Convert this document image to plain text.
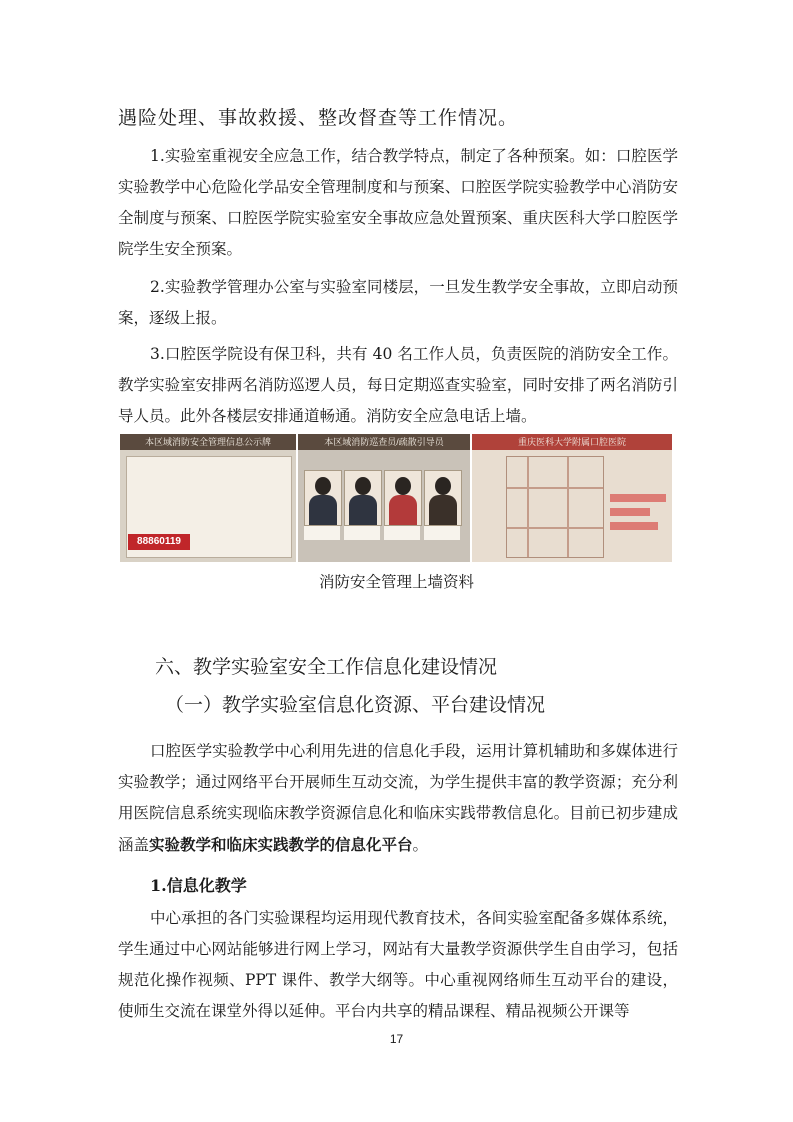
遇险处理、事故救援、整改督查等工作情况。

1.实验室重视安全应急工作，结合教学特点，制定了各种预案。如：口腔医学实验教学中心危险化学品安全管理制度和与预案、口腔医学院实验教学中心消防安全制度与预案、口腔医学院实验室安全事故应急处置预案、重庆医科大学口腔医学院学生安全预案。

2.实验教学管理办公室与实验室同楼层，一旦发生教学安全事故，立即启动预案，逐级上报。

3.口腔医学院设有保卫科，共有 40 名工作人员，负责医院的消防安全工作。教学实验室安排两名消防巡逻人员，每日定期巡查实验室，同时安排了两名消防引导人员。此外各楼层安排通道畅通。消防安全应急电话上墙。

本区域消防安全管理信息公示牌
88860119
本区域消防巡查员/疏散引导员	重庆医科大学附属口腔医院
消防安全管理上墙资料
六、教学实验室安全工作信息化建设情况
（一）教学实验室信息化资源、平台建设情况

口腔医学实验教学中心利用先进的信息化手段，运用计算机辅助和多媒体进行实验教学；通过网络平台开展师生互动交流，为学生提供丰富的教学资源；充分利用医院信息系统实现临床教学资源信息化和临床实践带教信息化。目前已初步建成涵盖实验教学和临床实践教学的信息化平台。

1.信息化教学

中心承担的各门实验课程均运用现代教育技术，各间实验室配备多媒体系统，学生通过中心网站能够进行网上学习，网站有大量教学资源供学生自由学习，包括规范化操作视频、PPT 课件、教学大纲等。中心重视网络师生互动平台的建设，使师生交流在课堂外得以延伸。平台内共享的精品课程、精品视频公开课等

17
